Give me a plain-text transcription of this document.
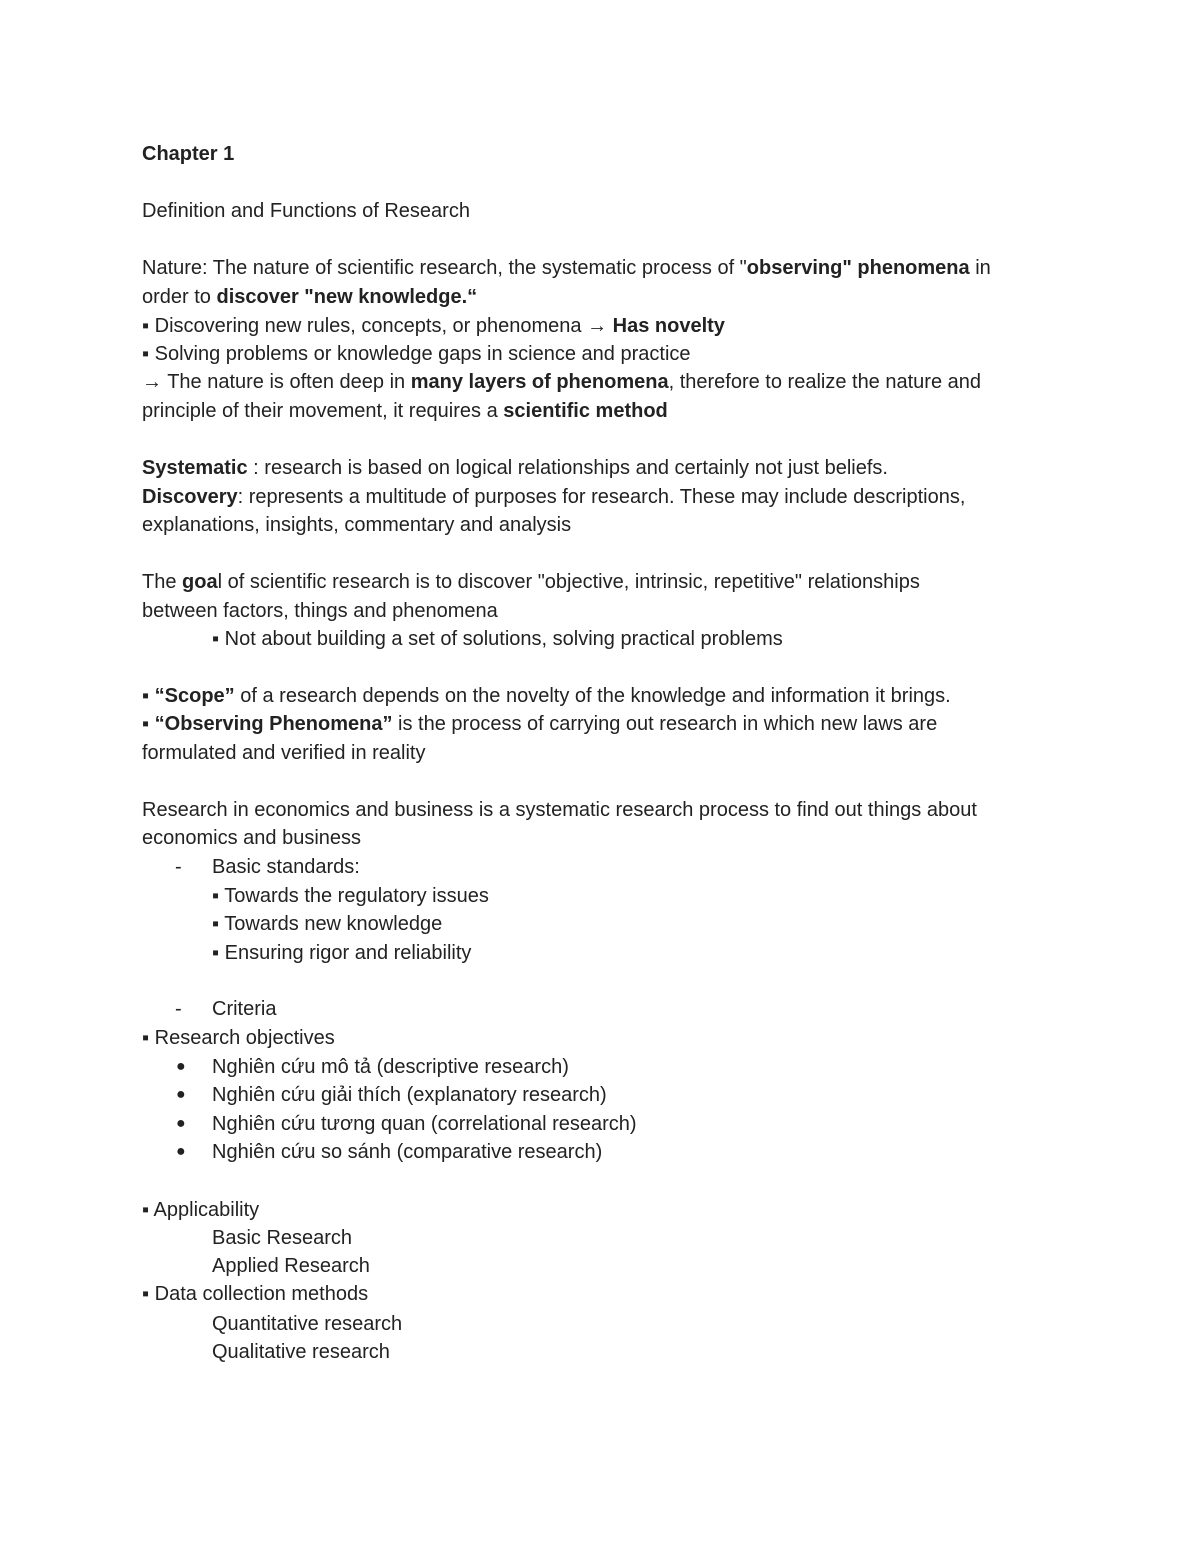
Chapter 1
Definition and Functions of Research
Nature: The nature of scientific research, the systematic process of "observing" phenomena in
order to discover "new knowledge.“
▪ Discovering new rules, concepts, or phenomena → Has novelty
▪ Solving problems or knowledge gaps in science and practice
→ The nature is often deep in many layers of phenomena, therefore to realize the nature and
principle of their movement, it requires a scientific method
Systematic : research is based on logical relationships and certainly not just beliefs.
Discovery: represents a multitude of purposes for research. These may include descriptions,
explanations, insights, commentary and analysis
The goal of scientific research is to discover "objective, intrinsic, repetitive" relationships
between factors, things and phenomena
▪ Not about building a set of solutions, solving practical problems
▪ “Scope” of a research depends on the novelty of the knowledge and information it brings.
▪ “Observing Phenomena” is the process of carrying out research in which new laws are
formulated and verified in reality
Research in economics and business is a systematic research process to find out things about
economics and business
- Basic standards:
▪ Towards the regulatory issues
▪ Towards new knowledge
▪ Ensuring rigor and reliability
- Criteria
▪ Research objectives
● Nghiên cứu mô tả (descriptive research)
● Nghiên cứu giải thích (explanatory research)
● Nghiên cứu tương quan (correlational research)
● Nghiên cứu so sánh (comparative research)
▪ Applicability
Basic Research
Applied Research
▪ Data collection methods
Quantitative research
Qualitative research
